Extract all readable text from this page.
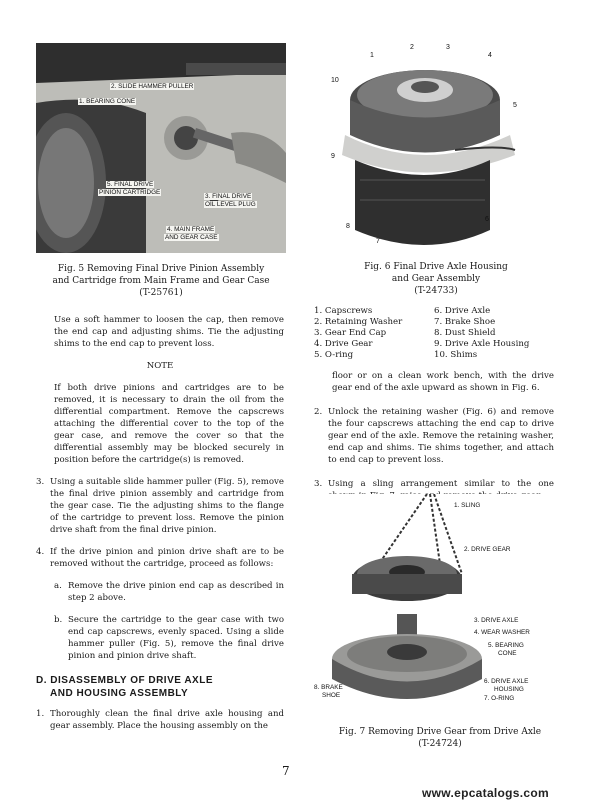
2. SLIDE HAMMER PULLER
1. BEARING CONE
5. FINAL DRIVE
PINION CARTRIDGE
3. FINAL DRIVE
OIL LEVEL PLUG
4. MAIN FRAME
AND GEAR CASE
Fig. 5 Removing Final Drive Pinion Assembly
and Cartridge from Main Frame and Gear Case
(T-25761)
1
2	3
4
5
6
7
8
9
10
Fig. 6 Final Drive Axle Housing
and Gear Assembly
(T-24733)
1. Capscrews
2. Retaining Washer
3. Gear End Cap
4. Drive Gear
5. O-ring
6. Drive Axle
7. Brake Shoe
8. Dust Shield
9. Drive Axle Housing
10. Shims

Use a soft hammer to loosen the cap, then remove the end cap and adjusting shims. Tie the adjusting shims to the end cap to prevent loss.

NOTE

If both drive pinions and cartridges are to be removed, it is necessary to drain the oil from the differential compartment. Remove the capscrews attaching the differential cover to the top of the gear case, and remove the cover so that the differential assembly may be blocked securely in position before the cartridge(s) is removed.

3. Using a suitable slide hammer puller (Fig. 5), remove the final drive pinion assembly and cartridge from the gear case. Tie the adjusting shims to the flange of the cartridge to prevent loss. Remove the pinion drive shaft from the final drive pinion.
4. If the drive pinion and pinion drive shaft are to be removed without the cartridge, proceed as follows:
a. Remove the drive pinion end cap as described in step 2 above.
b. Secure the cartridge to the gear case with two end cap capscrews, evenly spaced. Using a slide hammer puller (Fig. 5), remove the final drive pinion and pinion drive shaft.
D. DISASSEMBLY OF DRIVE AXLE
AND HOUSING ASSEMBLY
1. Thoroughly clean the final drive axle housing and gear assembly. Place the housing assembly on the

floor or on a clean work bench, with the drive gear end of the axle upward as shown in Fig. 6.

2. Unlock the retaining washer (Fig. 6) and remove the four capscrews attaching the end cap to drive gear end of the axle. Remove the retaining washer, end cap and shims. Tie shims together, and attach to end cap to prevent loss.
3. Using a sling arrangement similar to the one
1. SLING
2. DRIVE GEAR
3. DRIVE AXLE
4. WEAR WASHER
5. BEARING
CONE
6. DRIVE AXLE
HOUSING
7. O-RING
8. BRAKE
SHOE
Fig. 7 Removing Drive Gear from Drive Axle
(T-24724)
7
www.epcatalogs.com
